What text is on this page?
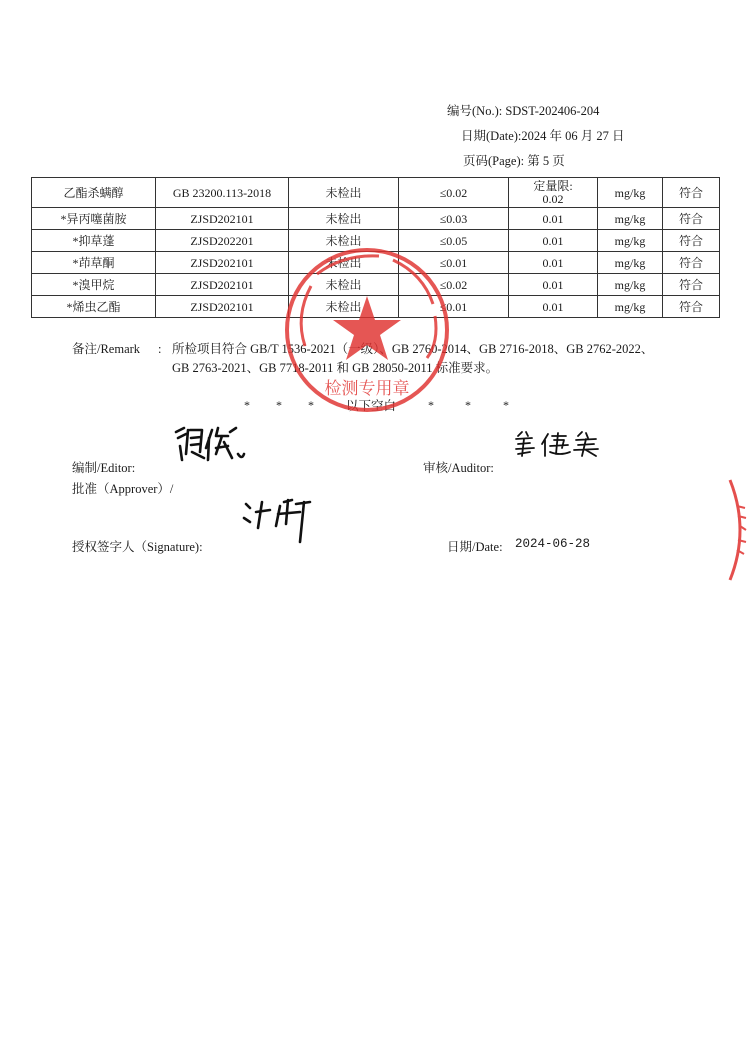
编号(No.): SDST-202406-204
日期(Date):2024 年 06 月 27 日
页码(Page): 第 5 页
乙酯杀螨醇	GB 23200.113-2018	未检出	≤0.02	定量限:
0.02	mg/kg	符合
*异丙噻菌胺	ZJSD202101	未检出	≤0.03	0.01	mg/kg	符合
*抑草蓬	ZJSD202201	未检出	≤0.05	0.01	mg/kg	符合
*茚草酮	ZJSD202101	未检出	≤0.01	0.01	mg/kg	符合
*溴甲烷	ZJSD202101	未检出	≤0.02	0.01	mg/kg	符合
*烯虫乙酯	ZJSD202101	未检出	≤0.01	0.01	mg/kg	符合
备注/Remark : 所检项目符合 GB/T 1536-2021（一级）、GB 2760-2014、GB 2716-2018、GB 2762-2022、
GB 2763-2021、GB 7718-2011 和 GB 28050-2011 标准要求。
* * *	以下空白	*	*	*
编制/Editor:	审核/Auditor:
批准（Approver）/
授权签字人（Signature):	日期/Date: 2024-06-28
检测专用章
